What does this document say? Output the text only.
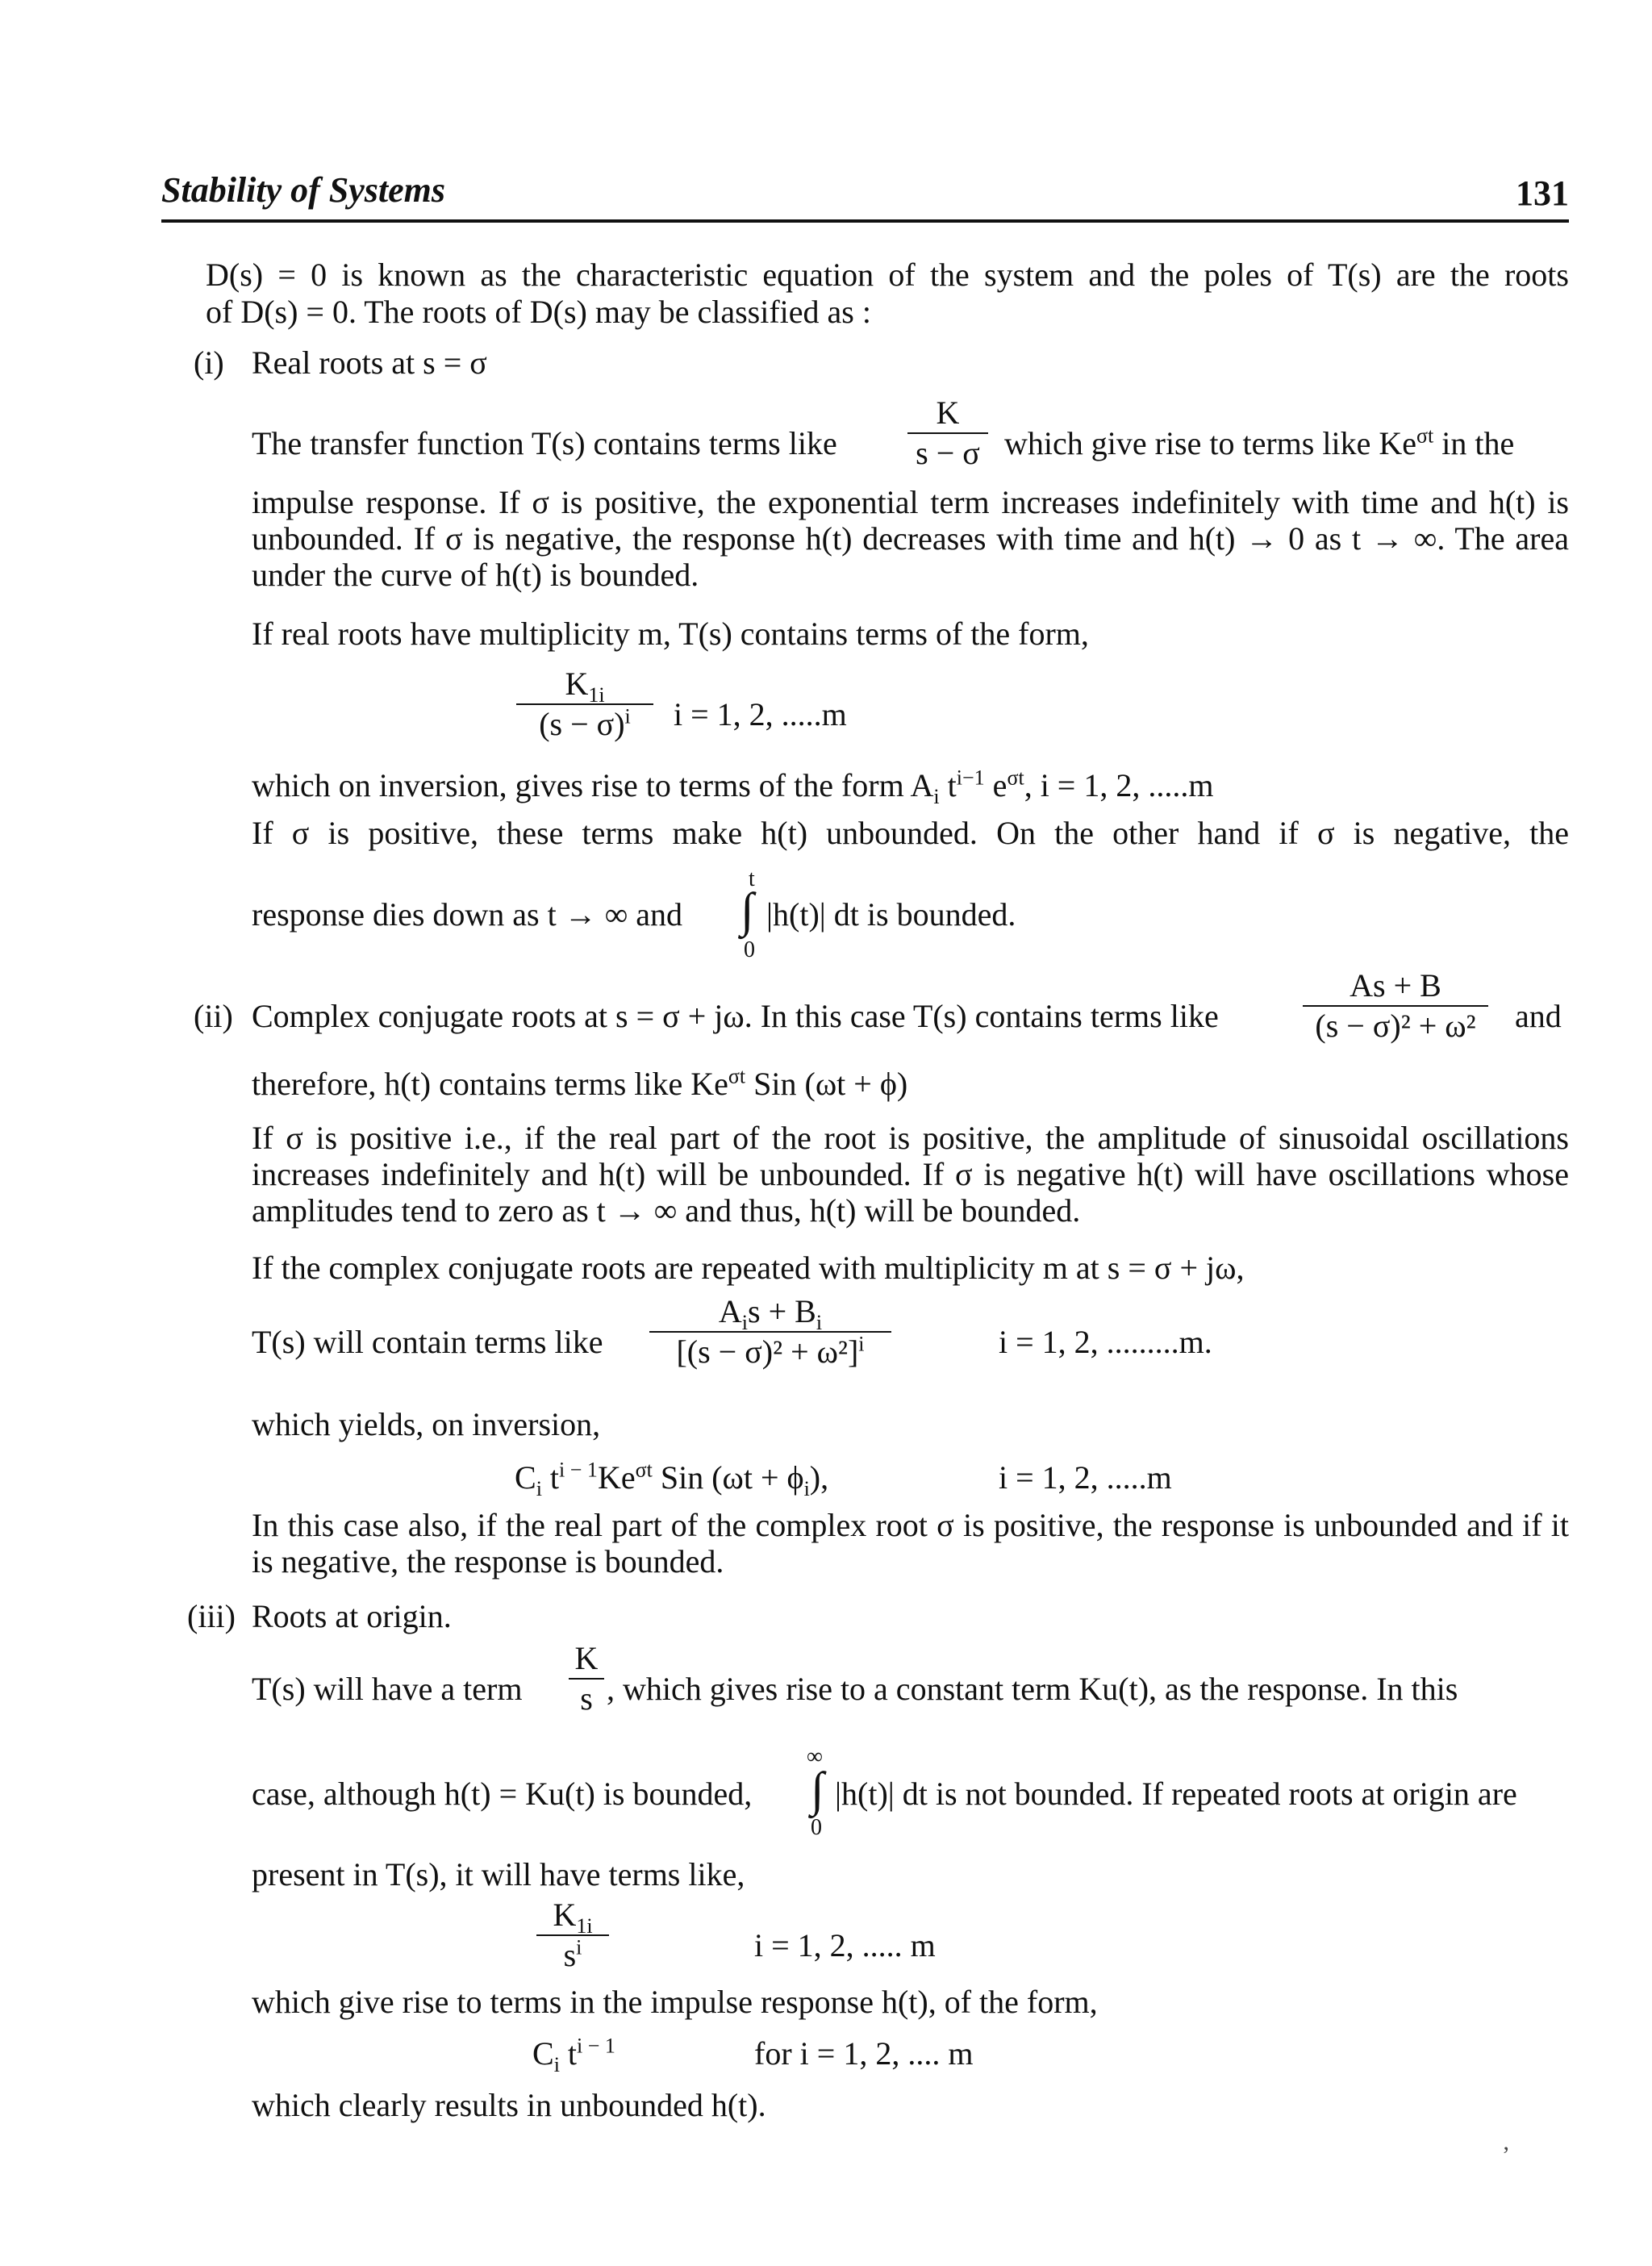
Stability of Systems	131
D(s) = 0 is known as the characteristic equation of the system and the poles of T(s) are the roots
of D(s) = 0. The roots of D(s) may be classified as :
(i) Real roots at s = σ
The transfer function T(s) contains terms like
K
s − σ which give rise to terms like $Ke^{\sigma t}$ in the
impulse response. If σ is positive, the exponential term increases indefinitely with time and h(t) is unbounded. If σ is negative, the response h(t) decreases with time and h(t) → 0 as t → ∞. The area under the curve of h(t) is bounded.
If real roots have multiplicity m, T(s) contains terms of the form,
$K_{1i}$
$(s - \sigma)^i$	i = 1, 2, .....m
which on inversion, gives rise to terms of the form $A_i$ $t^{i-1}$ $e^{\sigma t}$, i = 1, 2, .....m
If σ is positive, these terms make h(t) unbounded. On the other hand if σ is negative, the
response dies down as t → ∞ and
t
∫
0
|h(t)| dt is bounded.
(ii) Complex conjugate roots at s = σ + jω. In this case T(s) contains terms like
As + B
(s − σ)² + ω²	and
therefore, h(t) contains terms like $Ke^{\sigma t}$ Sin (ωt + ϕ)
If σ is positive i.e., if the real part of the root is positive, the amplitude of sinusoidal oscillations increases indefinitely and h(t) will be unbounded. If σ is negative h(t) will have oscillations whose amplitudes tend to zero as t → ∞ and thus, h(t) will be bounded.
If the complex conjugate roots are repeated with multiplicity m at s = σ + jω,
T(s) will contain terms like
$A_is + B_i$
$[(s - \sigma)^2 + \omega^2]^i$	i = 1, 2, .........m.
which yields, on inversion,
$C_i$ $t^{i - 1}Ke^{\sigma t}$ Sin $(\omega t + \phi_i)$,	i = 1, 2, .....m
In this case also, if the real part of the complex root σ is positive, the response is unbounded and if it is negative, the response is bounded.
(iii) Roots at origin.
T(s) will have a term
K
s , which gives rise to a constant term Ku(t), as the response. In this
case, although h(t) = Ku(t) is bounded,
∞
∫
0
|h(t)| dt is not bounded. If repeated roots at origin are
present in T(s), it will have terms like,
$K_{1i}$
$s^i$	i = 1, 2, ..... m
which give rise to terms in the impulse response h(t), of the form,
$C_i$ $t^{i - 1}$	for i = 1, 2, .... m
which clearly results in unbounded h(t).
’
